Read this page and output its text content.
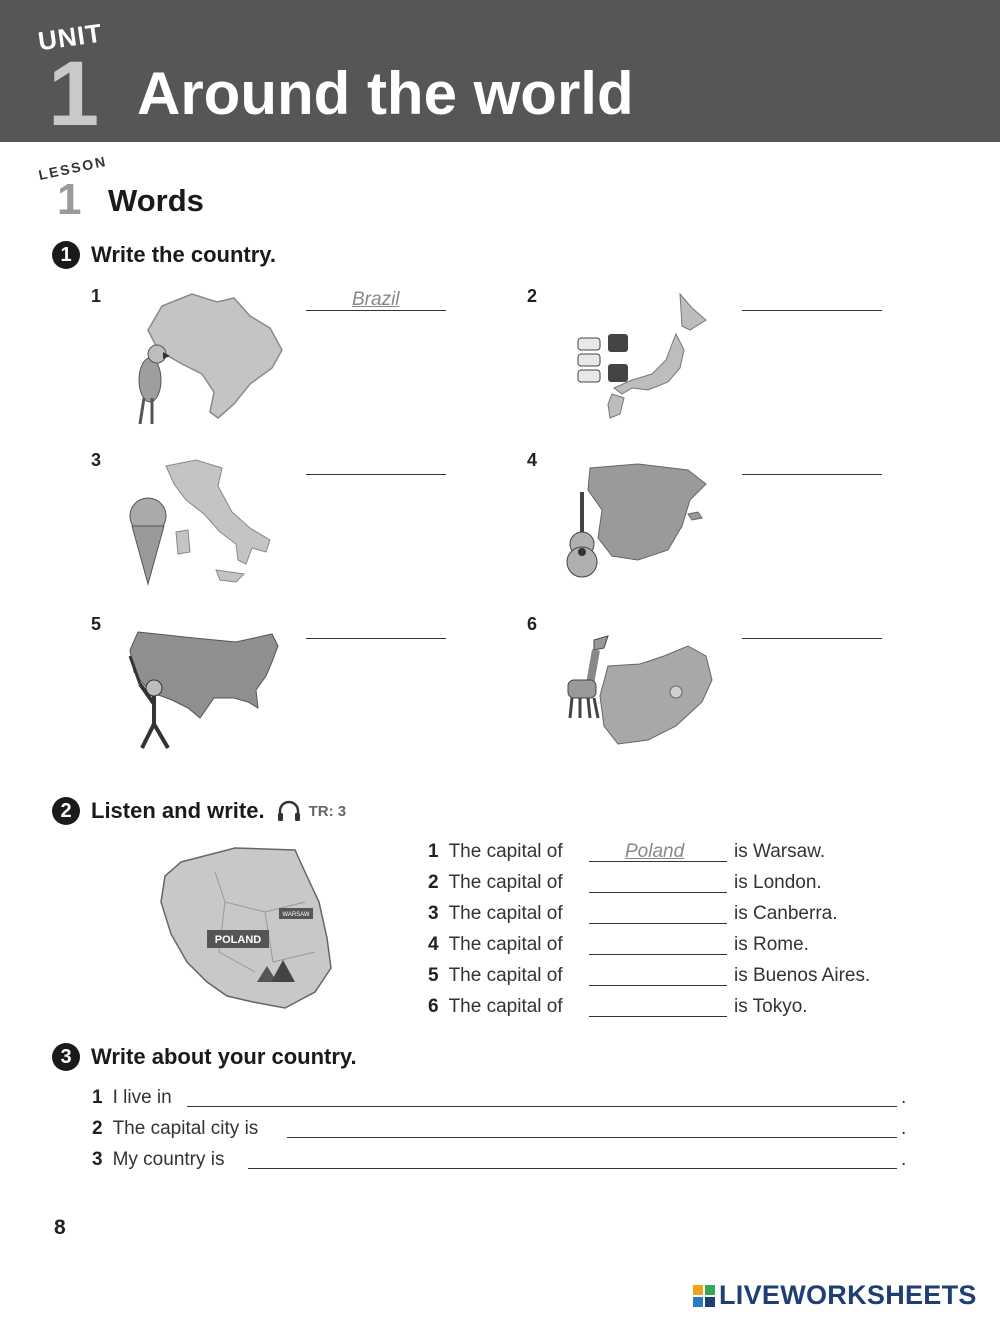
UNIT
1 Around the world
LESSON
1 Words
1 Write the country.
1	Brazil	2
3	4
5	6
2 Listen and write.	TR: 3
POLAND
WARSAW
1 The capital of	Poland	is Warsaw.
2 The capital of	is London.
3 The capital of	is Canberra.
4 The capital of	is Rome.
5 The capital of	is Buenos Aires.
6 The capital of	is Tokyo.
3 Write about your country.
1 I live in	.
2 The capital city is	.
3 My country is	.
8
LIVEWORKSHEETS
